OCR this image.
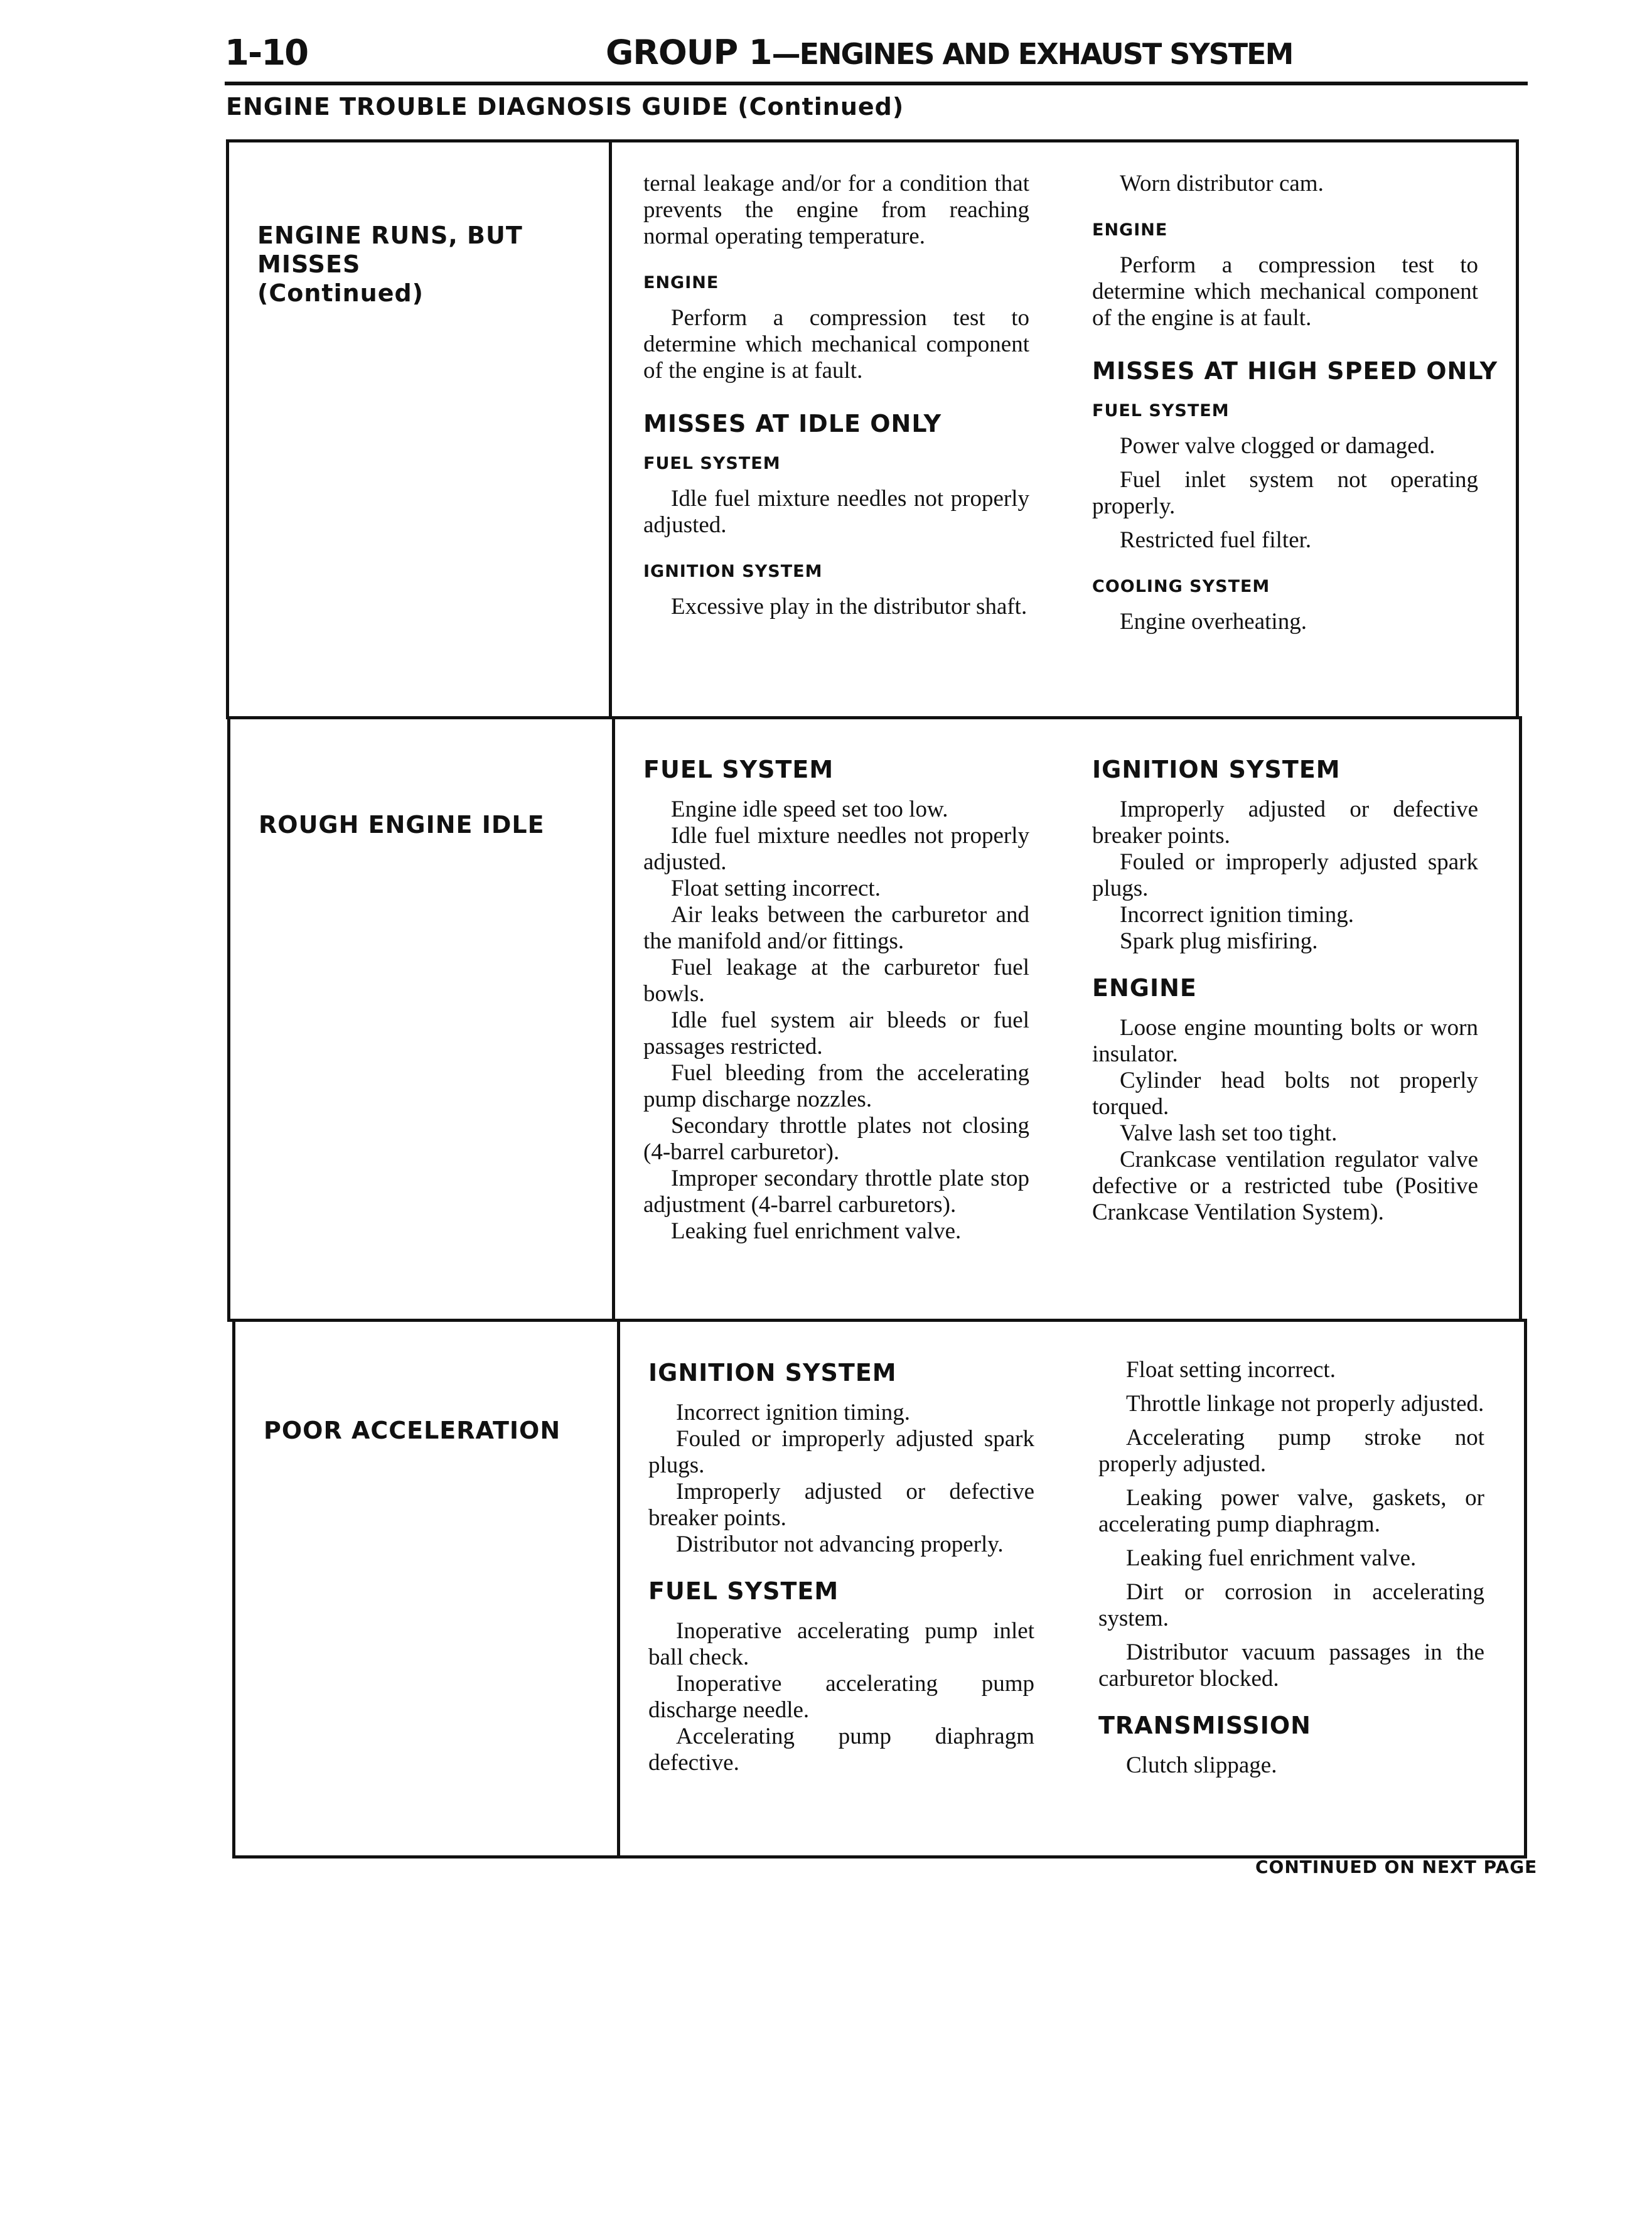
1-10	GROUP 1—ENGINES AND EXHAUST SYSTEM
ENGINE TROUBLE DIAGNOSIS GUIDE (Continued)
ENGINE RUNS, BUT MISSES (Continued)

ternal leakage and/or for a condition that prevents the engine from reaching normal operating temperature.

ENGINE

Perform a compression test to determine which mechanical component of the engine is at fault.

MISSES AT IDLE ONLY
FUEL SYSTEM

Idle fuel mixture needles not properly adjusted.

IGNITION SYSTEM

Excessive play in the distributor shaft.

Worn distributor cam.

ENGINE

Perform a compression test to determine which mechanical component of the engine is at fault.

MISSES AT HIGH SPEED ONLY
FUEL SYSTEM

Power valve clogged or damaged.

Fuel inlet system not operating properly.

Restricted fuel filter.

COOLING SYSTEM

Engine overheating.

ROUGH ENGINE IDLE
FUEL SYSTEM

Engine idle speed set too low.

Idle fuel mixture needles not properly adjusted.

Float setting incorrect.

Air leaks between the carburetor and the manifold and/or fittings.

Fuel leakage at the carburetor fuel bowls.

Idle fuel system air bleeds or fuel passages restricted.

Fuel bleeding from the accelerating pump discharge nozzles.

Secondary throttle plates not closing (4-barrel carburetor).

Improper secondary throttle plate stop adjustment (4-barrel carburetors).

Leaking fuel enrichment valve.

IGNITION SYSTEM

Improperly adjusted or defective breaker points.

Fouled or improperly adjusted spark plugs.

Incorrect ignition timing.

Spark plug misfiring.

ENGINE

Loose engine mounting bolts or worn insulator.

Cylinder head bolts not properly torqued.

Valve lash set too tight.

Crankcase ventilation regulator valve defective or a restricted tube (Positive Crankcase Ventilation System).

POOR ACCELERATION
IGNITION SYSTEM

Incorrect ignition timing.

Fouled or improperly adjusted spark plugs.

Improperly adjusted or defective breaker points.

Distributor not advancing properly.

FUEL SYSTEM

Inoperative accelerating pump inlet ball check.

Inoperative accelerating pump discharge needle.

Accelerating pump diaphragm defective.

Float setting incorrect.

Throttle linkage not properly adjusted.

Accelerating pump stroke not properly adjusted.

Leaking power valve, gaskets, or accelerating pump diaphragm.

Leaking fuel enrichment valve.

Dirt or corrosion in accelerating system.

Distributor vacuum passages in the carburetor blocked.

TRANSMISSION

Clutch slippage.

CONTINUED ON NEXT PAGE
